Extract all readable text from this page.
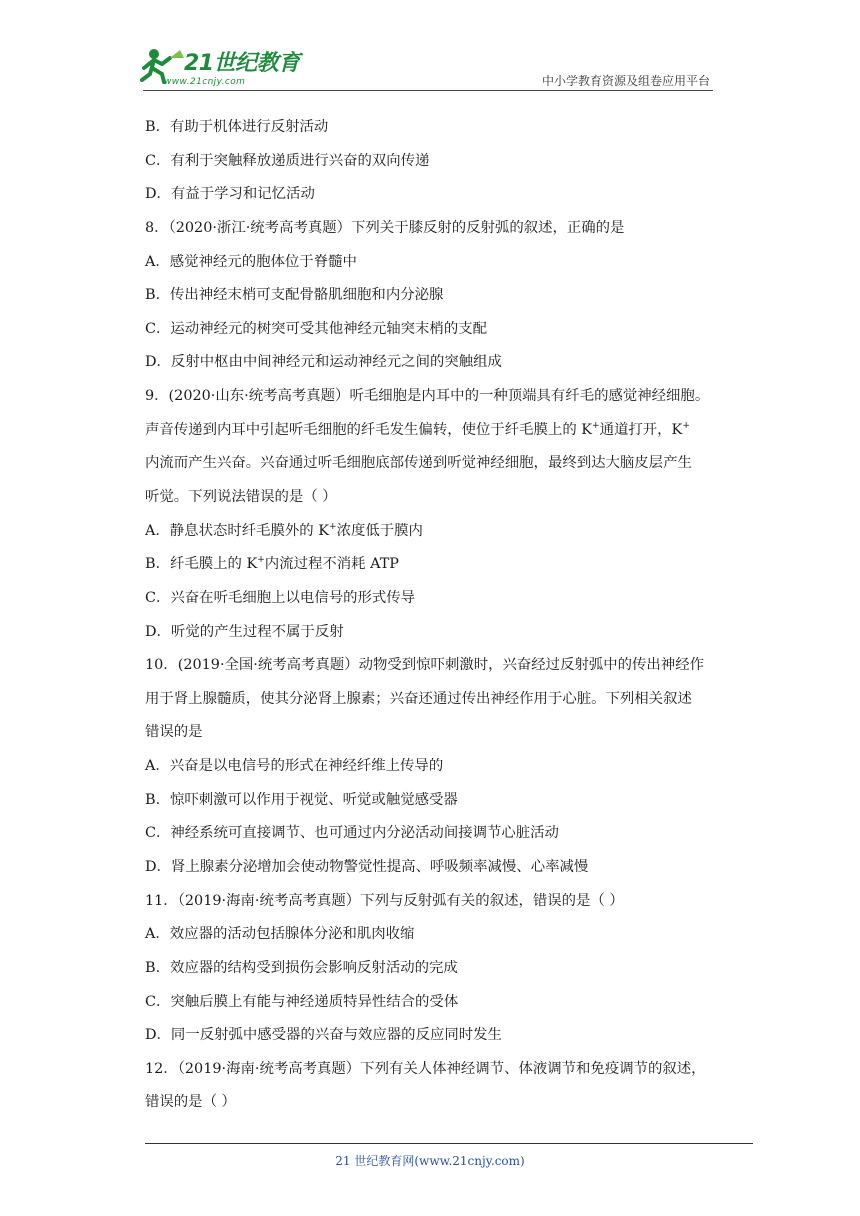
21世纪教育
www.21cnjy.com	中小学教育资源及组卷应用平台
B．有助于机体进行反射活动
C．有利于突触释放递质进行兴奋的双向传递
D．有益于学习和记忆活动
8．（2020·浙江·统考高考真题）下列关于膝反射的反射弧的叙述，正确的是
A．感觉神经元的胞体位于脊髓中
B．传出神经末梢可支配骨骼肌细胞和内分泌腺
C．运动神经元的树突可受其他神经元轴突末梢的支配
D．反射中枢由中间神经元和运动神经元之间的突触组成
9．(2020·山东·统考高考真题）听毛细胞是内耳中的一种顶端具有纤毛的感觉神经细胞。
声音传递到内耳中引起听毛细胞的纤毛发生偏转，使位于纤毛膜上的 K+通道打开，K+
内流而产生兴奋。兴奋通过听毛细胞底部传递到听觉神经细胞，最终到达大脑皮层产生
听觉。下列说法错误的是（ ）
A．静息状态时纤毛膜外的 K+浓度低于膜内
B．纤毛膜上的 K+内流过程不消耗 ATP
C．兴奋在听毛细胞上以电信号的形式传导
D．听觉的产生过程不属于反射
10．(2019·全国·统考高考真题）动物受到惊吓刺激时，兴奋经过反射弧中的传出神经作
用于肾上腺髓质，使其分泌肾上腺素；兴奋还通过传出神经作用于心脏。下列相关叙述
错误的是
A．兴奋是以电信号的形式在神经纤维上传导的
B．惊吓刺激可以作用于视觉、听觉或触觉感受器
C．神经系统可直接调节、也可通过内分泌活动间接调节心脏活动
D．肾上腺素分泌增加会使动物警觉性提高、呼吸频率减慢、心率减慢
11．（2019·海南·统考高考真题）下列与反射弧有关的叙述，错误的是（ ）
A．效应器的活动包括腺体分泌和肌肉收缩
B．效应器的结构受到损伤会影响反射活动的完成
C．突触后膜上有能与神经递质特异性结合的受体
D．同一反射弧中感受器的兴奋与效应器的反应同时发生
12．（2019·海南·统考高考真题）下列有关人体神经调节、体液调节和免疫调节的叙述，
错误的是（ ）
21 世纪教育网(www.21cnjy.com)
